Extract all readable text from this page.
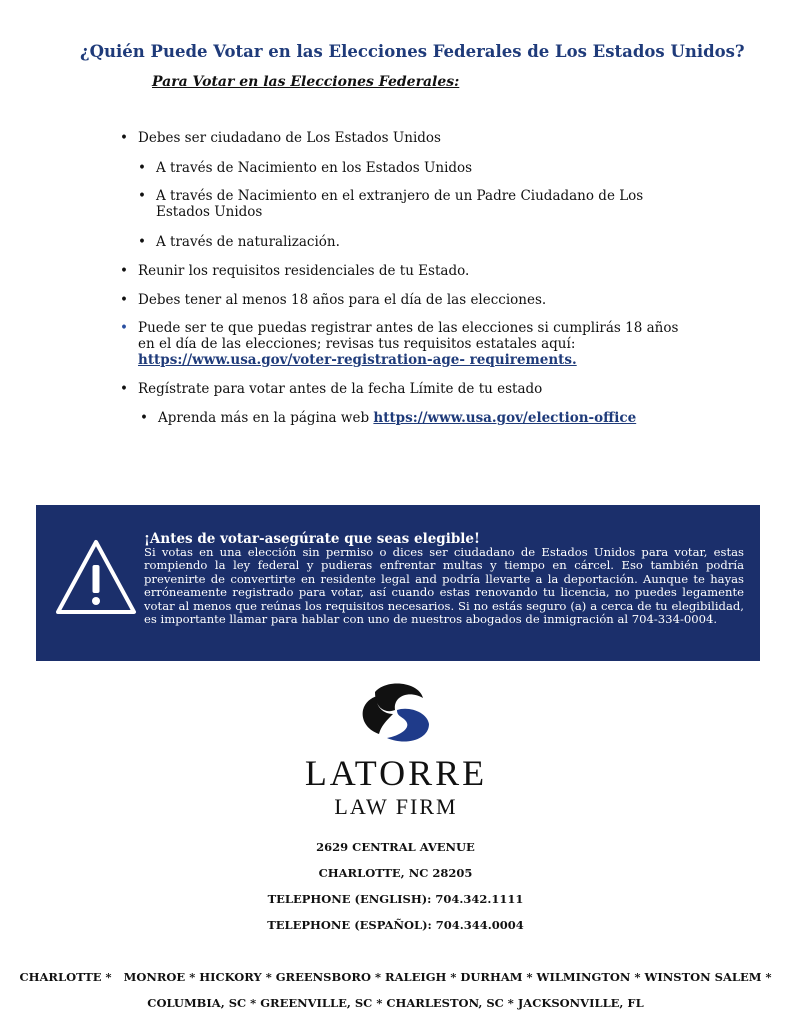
¿Quién Puede Votar en las Elecciones Federales de Los Estados Unidos?
Para Votar en las Elecciones Federales:
• Debes ser ciudadano de Los Estados Unidos
• A través de Nacimiento en los Estados Unidos
• A través de Nacimiento en el extranjero de un Padre Ciudadano de Los Estados Unidos
• A través de naturalización.
• Reunir los requisitos residenciales de tu Estado.
• Debes tener al menos 18 años para el día de las elecciones.
• Puede ser te que puedas registrar antes de las elecciones si cumplirás 18 años en el día de las elecciones; revisas tus requisitos estatales aquí:
https://www.usa.gov/voter-registration-age- requirements.
• Regístrate para votar antes de la fecha Límite de tu estado
• Aprenda más en la página web https://www.usa.gov/election-office
¡Antes de votar-asegúrate que seas elegible!
Si votas en una elección sin permiso o dices ser ciudadano de Estados Unidos para votar, estas rompiendo la ley federal y pudieras enfrentar multas y tiempo en cárcel. Eso también podría prevenirte de convertirte en residente legal and podría llevarte a la deportación. Aunque te hayas erróneamente registrado para votar, así cuando estas renovando tu licencia, no puedes legamente votar al menos que reúnas los requisitos necesarios. Si no estás seguro (a) a cerca de tu elegibilidad, es importante llamar para hablar con uno de nuestros abogados de inmigración al 704-334-0004.
LATORRE
LAW FIRM
2629 CENTRAL AVENUE
CHARLOTTE, NC 28205
TELEPHONE (ENGLISH): 704.342.1111
TELEPHONE (ESPAÑOL): 704.344.0004
CHARLOTTE *   MONROE * HICKORY * GREENSBORO * RALEIGH * DURHAM * WILMINGTON * WINSTON SALEM *
COLUMBIA, SC * GREENVILLE, SC * CHARLESTON, SC * JACKSONVILLE, FL
